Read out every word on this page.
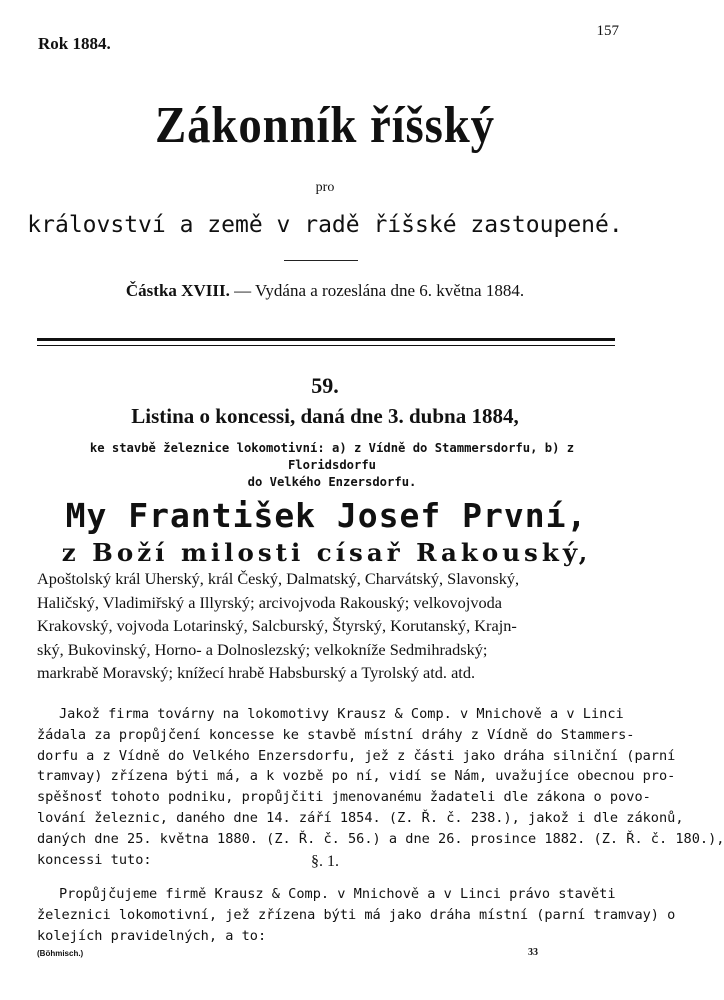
Rok 1884.
157
Zákonník říšský
pro
království a země v radě říšské zastoupené.
Částka XVIII. — Vydána a rozeslána dne 6. května 1884.
59.
Listina o koncessi, daná dne 3. dubna 1884,
ke stavbě železnice lokomotivní: a) z Vídně do Stammersdorfu, b) z Floridsdorfu
do Velkého Enzersdorfu.
My František Josef První,
z Boží milosti císař Rakouský,
Apoštolský král Uherský, král Český, Dalmatský, Charvátský, Slavonský,
Haličský, Vladimiřský a Illyrský; arcivojvoda Rakouský; velkovojvoda
Krakovský, vojvoda Lotarinský, Salcburský, Štyrský, Korutanský, Krajn-
ský, Bukovinský, Horno- a Dolnoslezský; velkokníže Sedmihradský;
markrabě Moravský; knížecí hrabě Habsburský a Tyrolský atd. atd.
Jakož firma továrny na lokomotivy Krausz & Comp. v Mnichově a v Linci
žádala za propůjčení koncesse ke stavbě místní dráhy z Vídně do Stammers-
dorfu a z Vídně do Velkého Enzersdorfu, jež z části jako dráha silniční (parní
tramvay) zřízena býti má, a k vozbě po ní, vidí se Nám, uvažujíce obecnou pro-
spěšnosť tohoto podniku, propůjčiti jmenovanému žadateli dle zákona o povo-
lování železnic, daného dne 14. září 1854. (Z. Ř. č. 238.), jakož i dle zákonů,
daných dne 25. května 1880. (Z. Ř. č. 56.) a dne 26. prosince 1882. (Z. Ř. č. 180.),
koncessi tuto:	§. 1.
Propůjčujeme firmě Krausz & Comp. v Mnichově a v Linci právo stavěti
železnici lokomotivní, jež zřízena býti má jako dráha místní (parní tramvay) o
kolejích pravidelných, a to:
(Böhmisch.)	33
